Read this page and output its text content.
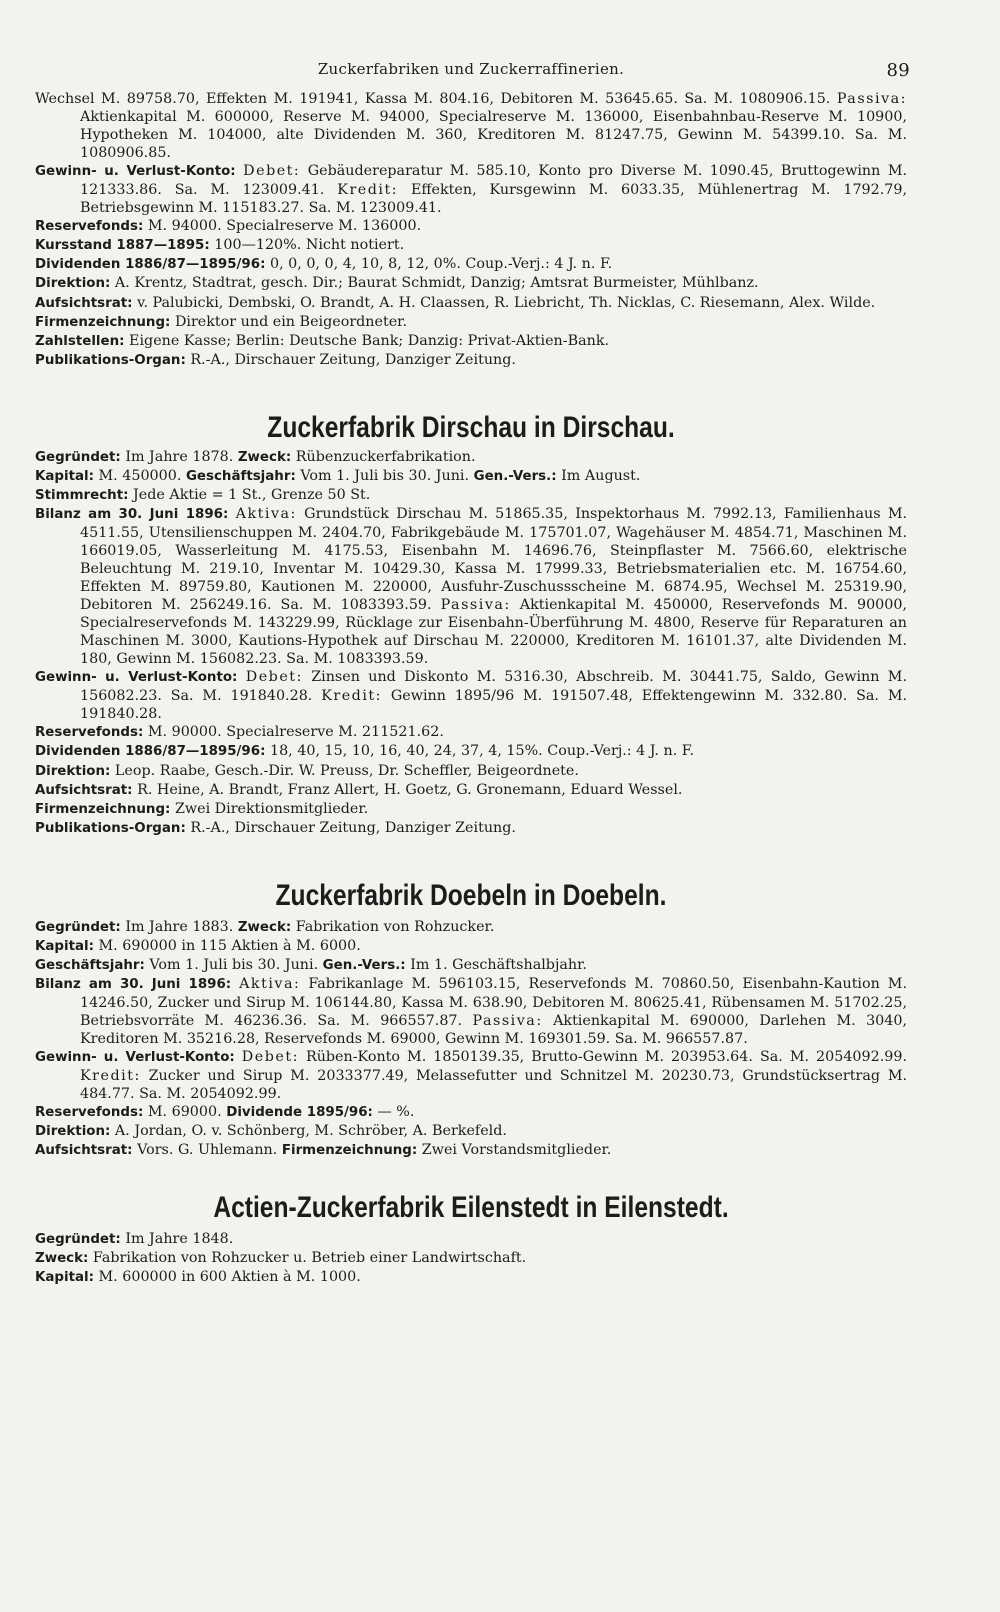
Zuckerfabriken und Zuckerraffinerien.	89

Wechsel M. 89758.70, Effekten M. 191941, Kassa M. 804.16, Debitoren M. 53645.65. Sa. M. 1080906.15. Passiva: Aktienkapital M. 600000, Reserve M. 94000, Specialreserve M. 136000, Eisenbahnbau-Reserve M. 10900, Hypotheken M. 104000, alte Dividenden M. 360, Kreditoren M. 81247.75, Gewinn M. 54399.10. Sa. M. 1080906.85.

Gewinn- u. Verlust-Konto: Debet: Gebäudereparatur M. 585.10, Konto pro Diverse M. 1090.45, Bruttogewinn M. 121333.86. Sa. M. 123009.41. Kredit: Effekten, Kursgewinn M. 6033.35, Mühlenertrag M. 1792.79, Betriebsgewinn M. 115183.27. Sa. M. 123009.41.

Reservefonds: M. 94000. Specialreserve M. 136000.

Kursstand 1887—1895: 100—120%. Nicht notiert.

Dividenden 1886/87—1895/96: 0, 0, 0, 0, 4, 10, 8, 12, 0%. Coup.-Verj.: 4 J. n. F.

Direktion: A. Krentz, Stadtrat, gesch. Dir.; Baurat Schmidt, Danzig; Amtsrat Burmeister, Mühlbanz.

Aufsichtsrat: v. Palubicki, Dembski, O. Brandt, A. H. Claassen, R. Liebricht, Th. Nicklas, C. Riesemann, Alex. Wilde.

Firmenzeichnung: Direktor und ein Beigeordneter.

Zahlstellen: Eigene Kasse; Berlin: Deutsche Bank; Danzig: Privat-Aktien-Bank.

Publikations-Organ: R.-A., Dirschauer Zeitung, Danziger Zeitung.

Zuckerfabrik Dirschau in Dirschau.

Gegründet: Im Jahre 1878. Zweck: Rübenzuckerfabrikation.

Kapital: M. 450000. Geschäftsjahr: Vom 1. Juli bis 30. Juni. Gen.-Vers.: Im August.

Stimmrecht: Jede Aktie = 1 St., Grenze 50 St.

Bilanz am 30. Juni 1896: Aktiva: Grundstück Dirschau M. 51865.35, Inspektorhaus M. 7992.13, Familienhaus M. 4511.55, Utensilienschuppen M. 2404.70, Fabrikgebäude M. 175701.07, Wagehäuser M. 4854.71, Maschinen M. 166019.05, Wasserleitung M. 4175.53, Eisenbahn M. 14696.76, Steinpflaster M. 7566.60, elektrische Beleuchtung M. 219.10, Inventar M. 10429.30, Kassa M. 17999.33, Betriebsmaterialien etc. M. 16754.60, Effekten M. 89759.80, Kautionen M. 220000, Ausfuhr-Zuschussscheine M. 6874.95, Wechsel M. 25319.90, Debitoren M. 256249.16. Sa. M. 1083393.59. Passiva: Aktienkapital M. 450000, Reservefonds M. 90000, Specialreservefonds M. 143229.99, Rücklage zur Eisenbahn-Überführung M. 4800, Reserve für Reparaturen an Maschinen M. 3000, Kautions-Hypothek auf Dirschau M. 220000, Kreditoren M. 16101.37, alte Dividenden M. 180, Gewinn M. 156082.23. Sa. M. 1083393.59.

Gewinn- u. Verlust-Konto: Debet: Zinsen und Diskonto M. 5316.30, Abschreib. M. 30441.75, Saldo, Gewinn M. 156082.23. Sa. M. 191840.28. Kredit: Gewinn 1895/96 M. 191507.48, Effektengewinn M. 332.80. Sa. M. 191840.28.

Reservefonds: M. 90000. Specialreserve M. 211521.62.

Dividenden 1886/87—1895/96: 18, 40, 15, 10, 16, 40, 24, 37, 4, 15%. Coup.-Verj.: 4 J. n. F.

Direktion: Leop. Raabe, Gesch.-Dir. W. Preuss, Dr. Scheffler, Beigeordnete.

Aufsichtsrat: R. Heine, A. Brandt, Franz Allert, H. Goetz, G. Gronemann, Eduard Wessel.

Firmenzeichnung: Zwei Direktionsmitglieder.

Publikations-Organ: R.-A., Dirschauer Zeitung, Danziger Zeitung.

Zuckerfabrik Doebeln in Doebeln.

Gegründet: Im Jahre 1883. Zweck: Fabrikation von Rohzucker.

Kapital: M. 690000 in 115 Aktien à M. 6000.

Geschäftsjahr: Vom 1. Juli bis 30. Juni. Gen.-Vers.: Im 1. Geschäftshalbjahr.

Bilanz am 30. Juni 1896: Aktiva: Fabrikanlage M. 596103.15, Reservefonds M. 70860.50, Eisenbahn-Kaution M. 14246.50, Zucker und Sirup M. 106144.80, Kassa M. 638.90, Debitoren M. 80625.41, Rübensamen M. 51702.25, Betriebsvorräte M. 46236.36. Sa. M. 966557.87. Passiva: Aktienkapital M. 690000, Darlehen M. 3040, Kreditoren M. 35216.28, Reservefonds M. 69000, Gewinn M. 169301.59. Sa. M. 966557.87.

Gewinn- u. Verlust-Konto: Debet: Rüben-Konto M. 1850139.35, Brutto-Gewinn M. 203953.64. Sa. M. 2054092.99. Kredit: Zucker und Sirup M. 2033377.49, Melassefutter und Schnitzel M. 20230.73, Grundstücksertrag M. 484.77. Sa. M. 2054092.99.

Reservefonds: M. 69000. Dividende 1895/96: — %.

Direktion: A. Jordan, O. v. Schönberg, M. Schröber, A. Berkefeld.

Aufsichtsrat: Vors. G. Uhlemann. Firmenzeichnung: Zwei Vorstandsmitglieder.

Actien-Zuckerfabrik Eilenstedt in Eilenstedt.

Gegründet: Im Jahre 1848.

Zweck: Fabrikation von Rohzucker u. Betrieb einer Landwirtschaft.

Kapital: M. 600000 in 600 Aktien à M. 1000.
